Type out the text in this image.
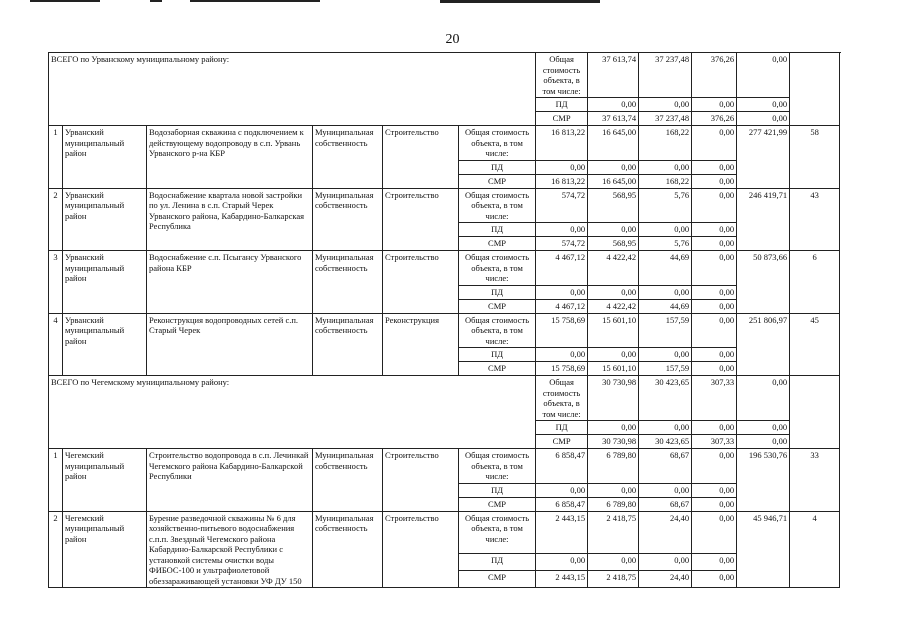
20
ВСЕГО по Урванскому муниципальному району:						Общая стоимость объекта, в том числе:	37 613,74	37 237,48	376,26	0,00	
						ПД	0,00	0,00	0,00	0,00	
						СМР	37 613,74	37 237,48	376,26	0,00	
1	Урванский муниципальный район	Водозаборная скважина с подключением к действующему водопроводу в с.п. Урвань Урванского р-на КБР	Муниципальная собственность	Строительство	Общая стоимость объекта, в том числе:	16 813,22	16 645,00	168,22	0,00	277 421,99	58
					ПД	0,00	0,00	0,00	0,00		
					СМР	16 813,22	16 645,00	168,22	0,00		
2	Урванский муниципальный район	Водоснабжение квартала новой застройки по ул. Ленина в с.п. Старый Черек Урванского района, Кабардино-Балкарская Республика	Муниципальная собственность	Строительство	Общая стоимость объекта, в том числе:	574,72	568,95	5,76	0,00	246 419,71	43
					ПД	0,00	0,00	0,00	0,00		
					СМР	574,72	568,95	5,76	0,00		
3	Урванский муниципальный район	Водоснабжение с.п. Псыгансу Урванского района КБР	Муниципальная собственность	Строительство	Общая стоимость объекта, в том числе:	4 467,12	4 422,42	44,69	0,00	50 873,66	6
					ПД	0,00	0,00	0,00	0,00		
					СМР	4 467,12	4 422,42	44,69	0,00		
4	Урванский муниципальный район	Реконструкция водопроводных сетей с.п. Старый Черек	Муниципальная собственность	Реконструкция	Общая стоимость объекта, в том числе:	15 758,69	15 601,10	157,59	0,00	251 806,97	45
					ПД	0,00	0,00	0,00	0,00		
					СМР	15 758,69	15 601,10	157,59	0,00		
ВСЕГО по Чегемскому муниципальному району:						Общая стоимость объекта, в том числе:	30 730,98	30 423,65	307,33	0,00	
						ПД	0,00	0,00	0,00	0,00	
						СМР	30 730,98	30 423,65	307,33	0,00	
1	Чегемский муниципальный район	Строительство водопровода в с.п. Лечинкай Чегемского района Кабардино-Балкарской Республики	Муниципальная собственность	Строительство	Общая стоимость объекта, в том числе:	6 858,47	6 789,80	68,67	0,00	196 530,76	33
					ПД	0,00	0,00	0,00	0,00		
					СМР	6 858,47	6 789,80	68,67	0,00		
2	Чегемский муниципальный район	Бурение разведочной скважины № 6 для хозяйственно-питьевого водоснабжения с.п.п. Звездный Чегемского района Кабардино-Балкарской Республики с установкой системы очистки воды ФИБОС-100 и ультрафиолетовой обеззараживающей установки УФ ДУ 150	Муниципальная собственность	Строительство	Общая стоимость объекта, в том числе:	2 443,15	2 418,75	24,40	0,00	45 946,71	4
					ПД	0,00	0,00	0,00	0,00		
					СМР	2 443,15	2 418,75	24,40	0,00		
